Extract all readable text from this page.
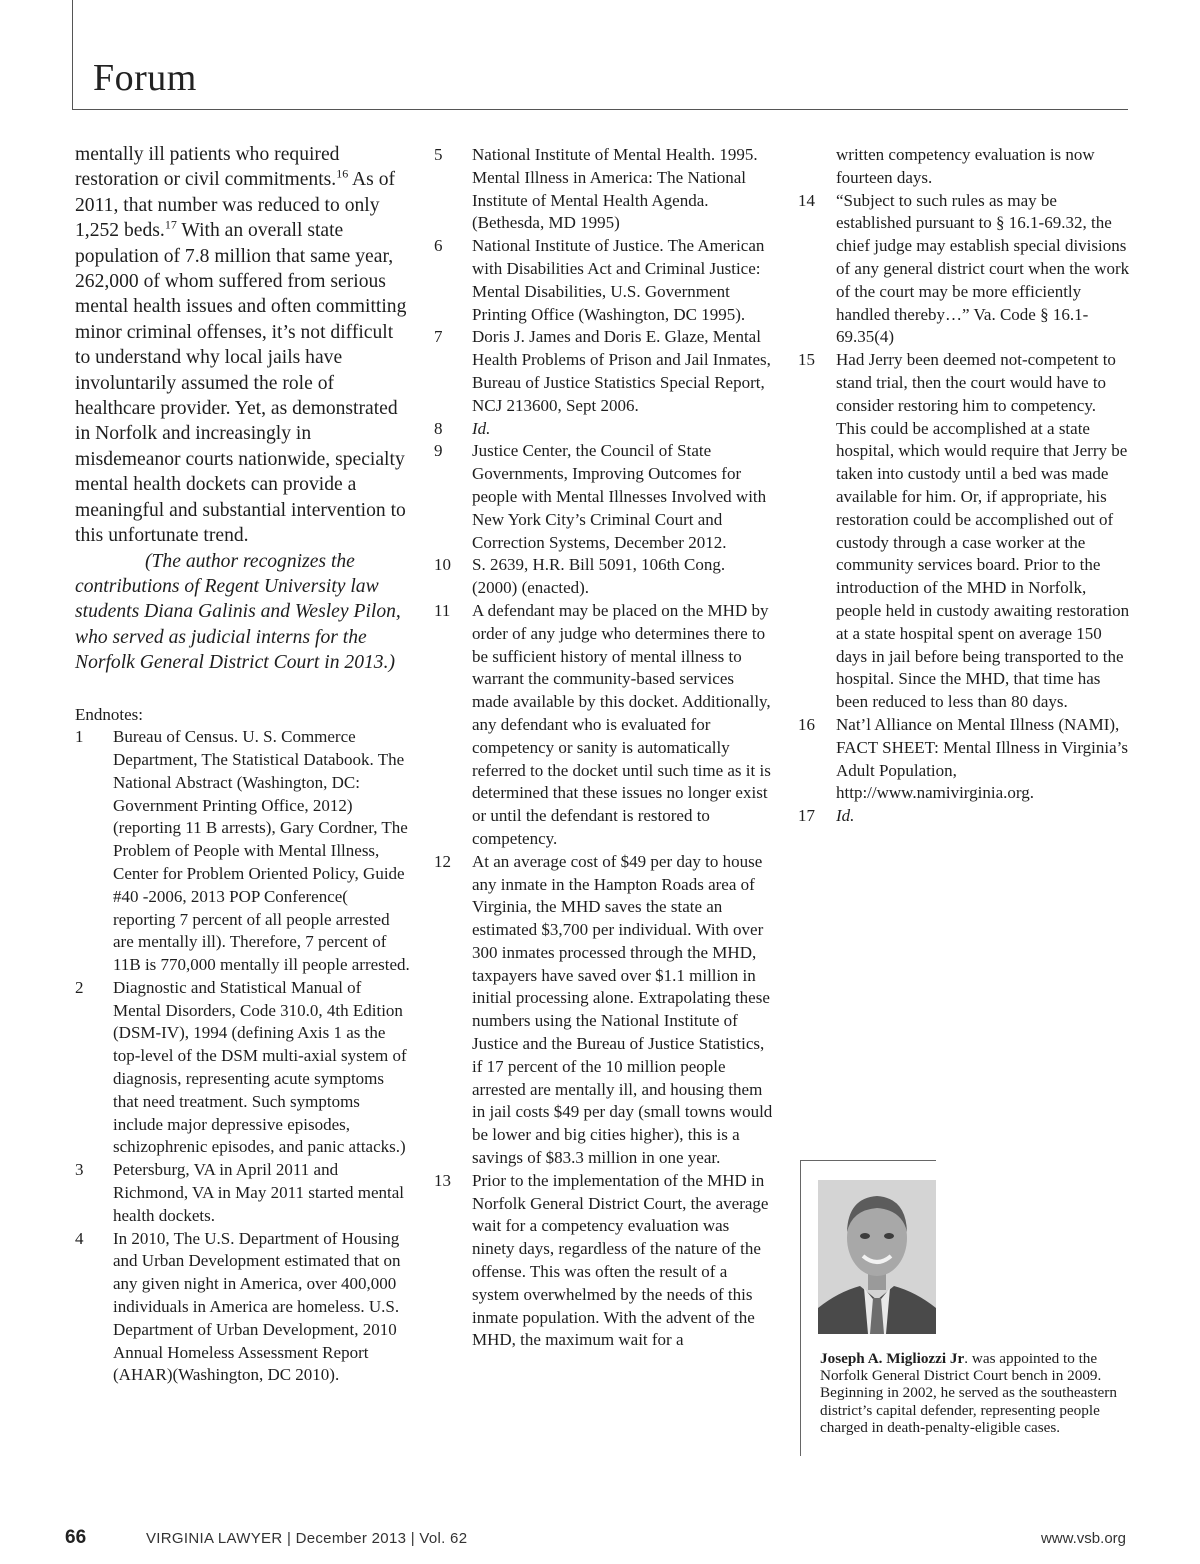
Forum

mentally ill patients who required restoration or civil commitments.$^{16}$ As of 2011, that number was reduced to only 1,252 beds.$^{17}$ With an overall state population of 7.8 million that same year, 262,000 of whom suffered from serious mental health issues and often committing minor criminal offenses, it’s not difficult to understand why local jails have involuntarily assumed the role of healthcare provider. Yet, as demonstrated in Norfolk and increasingly in misdemeanor courts nationwide, specialty mental health dockets can provide a meaningful and substantial intervention to this unfortunate trend.

(The author recognizes the contributions of Regent University law students Diana Galinis and Wesley Pilon, who served as judicial interns for the Norfolk General District Court in 2013.)

Endnotes:

1	Bureau of Census. U. S. Commerce Department, The Statistical Databook. The National Abstract (Washington, DC: Government Printing Office, 2012)(reporting 11 B arrests), Gary Cordner, The Problem of People with Mental Illness, Center for Problem Oriented Policy, Guide #40 -2006, 2013 POP Conference( reporting 7 percent of all people arrested are mentally ill). Therefore, 7 percent of 11B is 770,000 mentally ill people arrested.
2	Diagnostic and Statistical Manual of Mental Disorders, Code 310.0, 4th Edition (DSM-IV), 1994 (defining Axis 1 as the top-level of the DSM multi-axial system of diagnosis, representing acute symptoms that need treatment. Such symptoms include major depressive episodes, schizophrenic episodes, and panic attacks.)
3	Petersburg, VA in April 2011 and Richmond, VA in May 2011 started mental health dockets.
4	In 2010, The U.S. Department of Housing and Urban Development estimated that on any given night in America, over 400,000 individuals in America are homeless. U.S. Department of Urban Development, 2010 Annual Homeless Assessment Report (AHAR)(Washington, DC 2010).
5	National Institute of Mental Health. 1995. Mental Illness in America: The National Institute of Mental Health Agenda. (Bethesda, MD 1995)
6	National Institute of Justice. The American with Disabilities Act and Criminal Justice: Mental Disabilities, U.S. Government Printing Office (Washington, DC 1995).
7	Doris J. James and Doris E. Glaze, Mental Health Problems of Prison and Jail Inmates, Bureau of Justice Statistics Special Report, NCJ 213600, Sept 2006.
8	Id.
9	Justice Center, the Council of State Governments, Improving Outcomes for people with Mental Illnesses Involved with New York City’s Criminal Court and Correction Systems, December 2012.
10	S. 2639, H.R. Bill 5091, 106th Cong. (2000) (enacted).
11	A defendant may be placed on the MHD by order of any judge who determines there to be sufficient history of mental illness to warrant the community-based services made available by this docket. Additionally, any defendant who is evaluated for competency or sanity is automatically referred to the docket until such time as it is determined that these issues no longer exist or until the defendant is restored to competency.
12	At an average cost of $49 per day to house any inmate in the Hampton Roads area of Virginia, the MHD saves the state an estimated $3,700 per individual. With over 300 inmates processed through the MHD, taxpayers have saved over $1.1 million in initial processing alone. Extrapolating these numbers using the National Institute of Justice and the Bureau of Justice Statistics, if 17 percent of the 10 million people arrested are mentally ill, and housing them in jail costs $49 per day (small towns would be lower and big cities higher), this is a savings of $83.3 million in one year.
13	Prior to the implementation of the MHD in Norfolk General District Court, the average wait for a competency evaluation was ninety days, regardless of the nature of the offense. This was often the result of a system overwhelmed by the needs of this inmate population. With the advent of the MHD, the maximum wait for a
written competency evaluation is now fourteen days.
14	“Subject to such rules as may be established pursuant to § 16.1-69.32, the chief judge may establish special divisions of any general district court when the work of the court may be more efficiently handled thereby…” Va. Code § 16.1-69.35(4)
15	Had Jerry been deemed not-competent to stand trial, then the court would have to consider restoring him to competency. This could be accomplished at a state hospital, which would require that Jerry be taken into custody until a bed was made available for him. Or, if appropriate, his restoration could be accomplished out of custody through a case worker at the community services board. Prior to the introduction of the MHD in Norfolk, people held in custody awaiting restoration at a state hospital spent on average 150 days in jail before being transported to the hospital. Since the MHD, that time has been reduced to less than 80 days.
16	Nat’l Alliance on Mental Illness (NAMI), FACT SHEET: Mental Illness in Virginia’s Adult Population, http://www.namivirginia.org.
17	Id.

Joseph A. Migliozzi Jr. was appointed to the Norfolk General District Court bench in 2009. Beginning in 2002, he served as the southeastern district’s capital defender, representing people charged in death-penalty-eligible cases.

66	VIRGINIA LAWYER | December 2013 | Vol. 62	www.vsb.org
